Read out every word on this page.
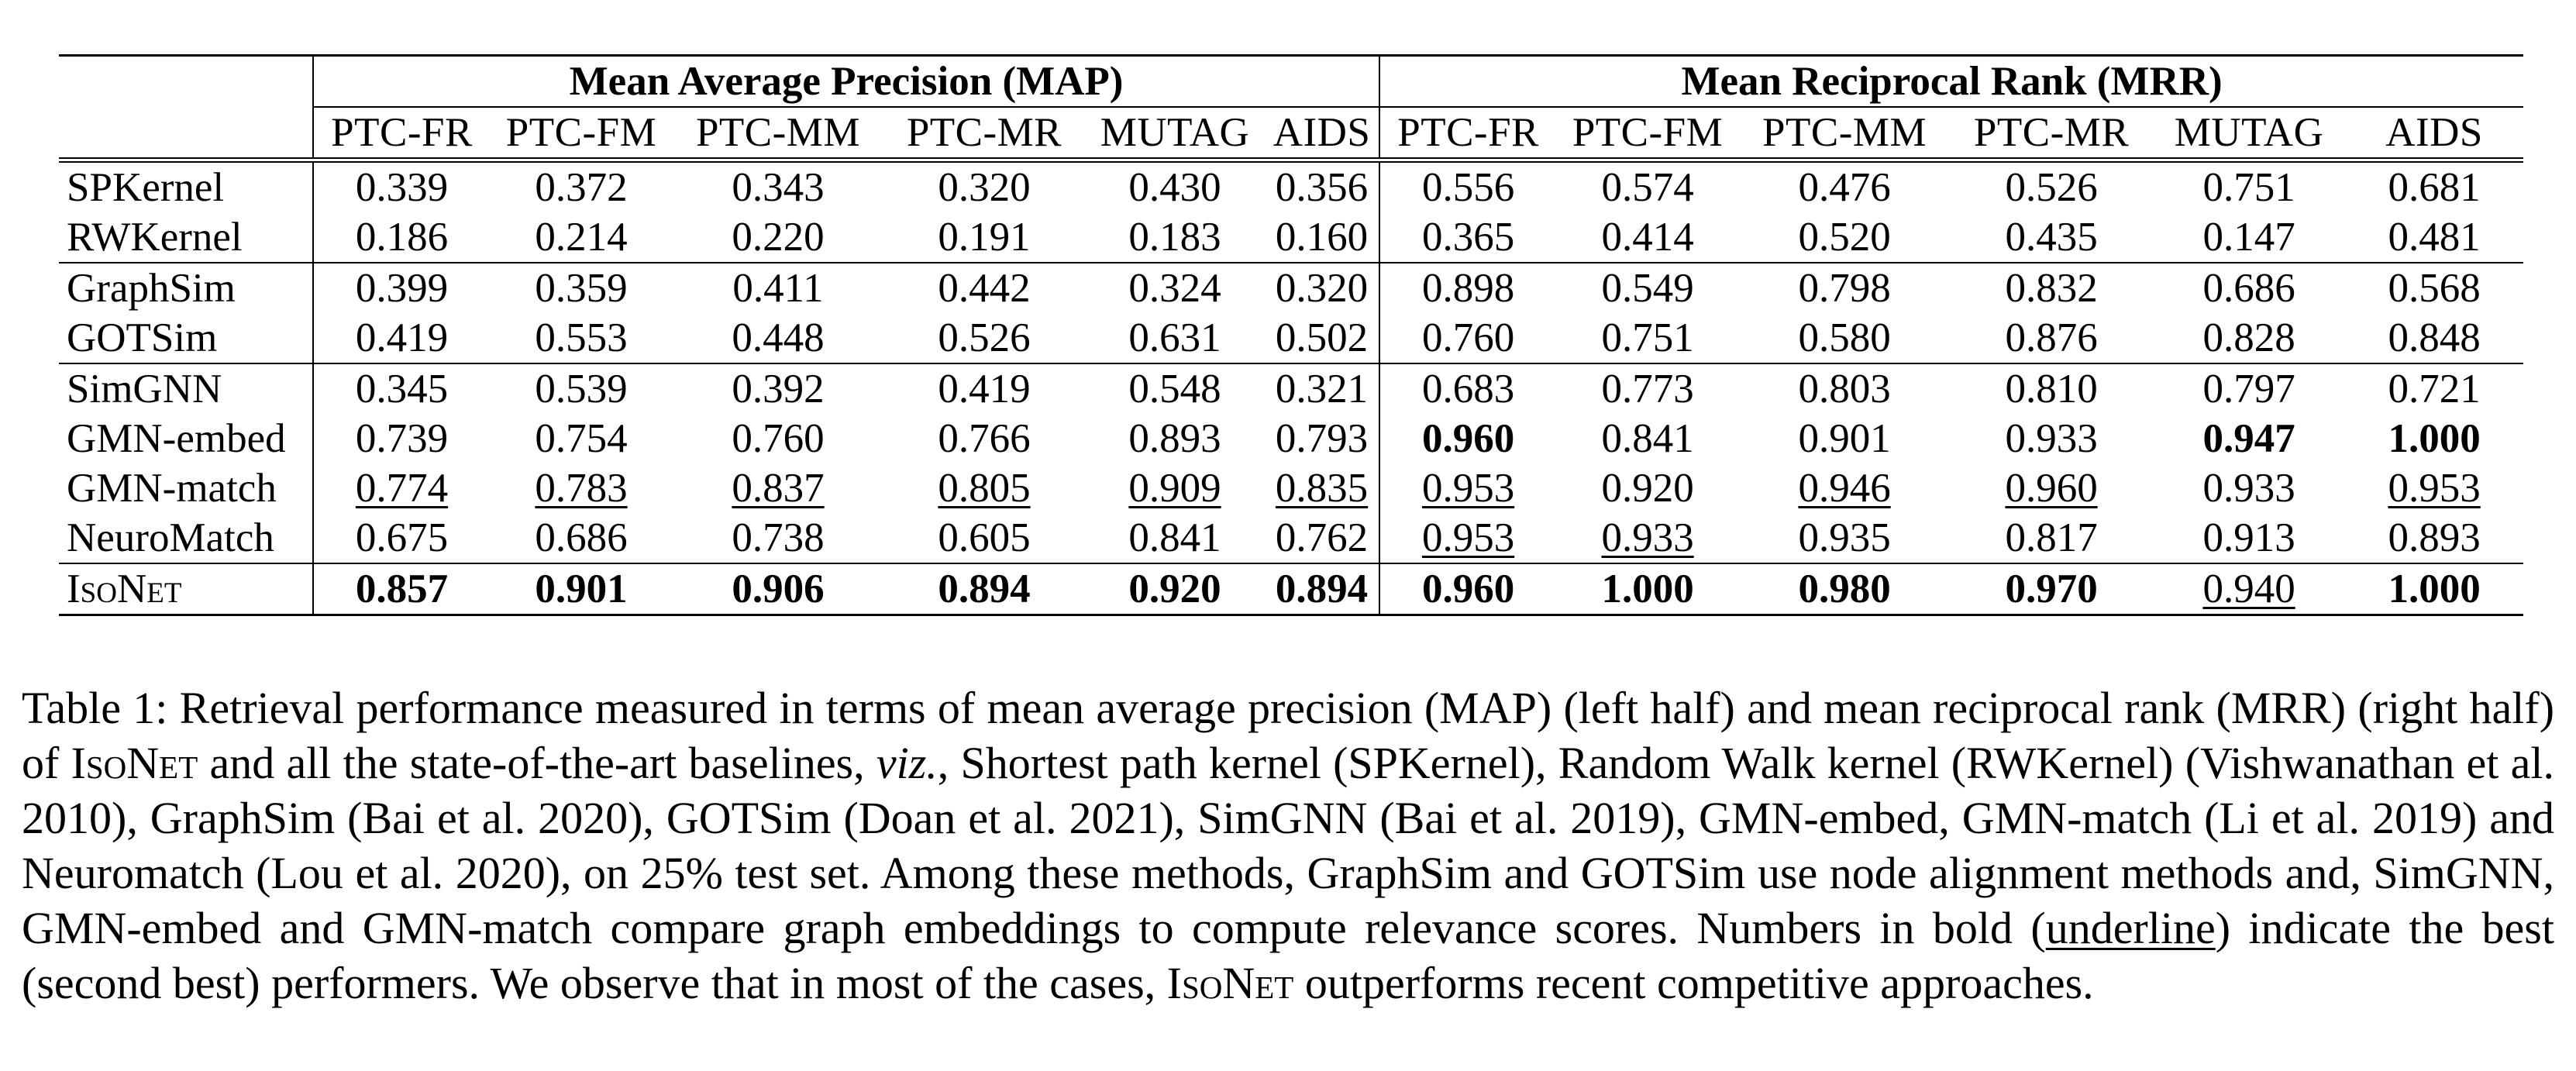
	Mean Average Precision (MAP)						Mean Reciprocal Rank (MRR)					
	PTC-FR	PTC-FM	PTC-MM	PTC-MR	MUTAG	AIDS	PTC-FR	PTC-FM	PTC-MM	PTC-MR	MUTAG	AIDS
SPKernel	0.339	0.372	0.343	0.320	0.430	0.356	0.556	0.574	0.476	0.526	0.751	0.681
RWKernel	0.186	0.214	0.220	0.191	0.183	0.160	0.365	0.414	0.520	0.435	0.147	0.481
GraphSim	0.399	0.359	0.411	0.442	0.324	0.320	0.898	0.549	0.798	0.832	0.686	0.568
GOTSim	0.419	0.553	0.448	0.526	0.631	0.502	0.760	0.751	0.580	0.876	0.828	0.848
SimGNN	0.345	0.539	0.392	0.419	0.548	0.321	0.683	0.773	0.803	0.810	0.797	0.721
GMN-embed	0.739	0.754	0.760	0.766	0.893	0.793	0.960	0.841	0.901	0.933	0.947	1.000
GMN-match	0.774	0.783	0.837	0.805	0.909	0.835	0.953	0.920	0.946	0.960	0.933	0.953
NeuroMatch	0.675	0.686	0.738	0.605	0.841	0.762	0.953	0.933	0.935	0.817	0.913	0.893
IsoNet	0.857	0.901	0.906	0.894	0.920	0.894	0.960	1.000	0.980	0.970	0.940	1.000

Table 1: Retrieval performance measured in terms of mean average precision (MAP) (left half) and mean reciprocal rank (MRR) (right half) of IsoNet and all the state-of-the-art baselines, viz., Shortest path kernel (SPKernel), Random Walk kernel (RWKernel) (Vishwanathan et al. 2010), GraphSim (Bai et al. 2020), GOTSim (Doan et al. 2021), SimGNN (Bai et al. 2019), GMN-embed, GMN-match (Li et al. 2019) and Neuromatch (Lou et al. 2020), on 25% test set. Among these methods, GraphSim and GOTSim use node alignment methods and, SimGNN, GMN-embed and GMN-match compare graph embeddings to compute relevance scores. Numbers in bold (underline) indicate the best (second best) performers. We observe that in most of the cases, IsoNet outperforms recent competitive approaches.
